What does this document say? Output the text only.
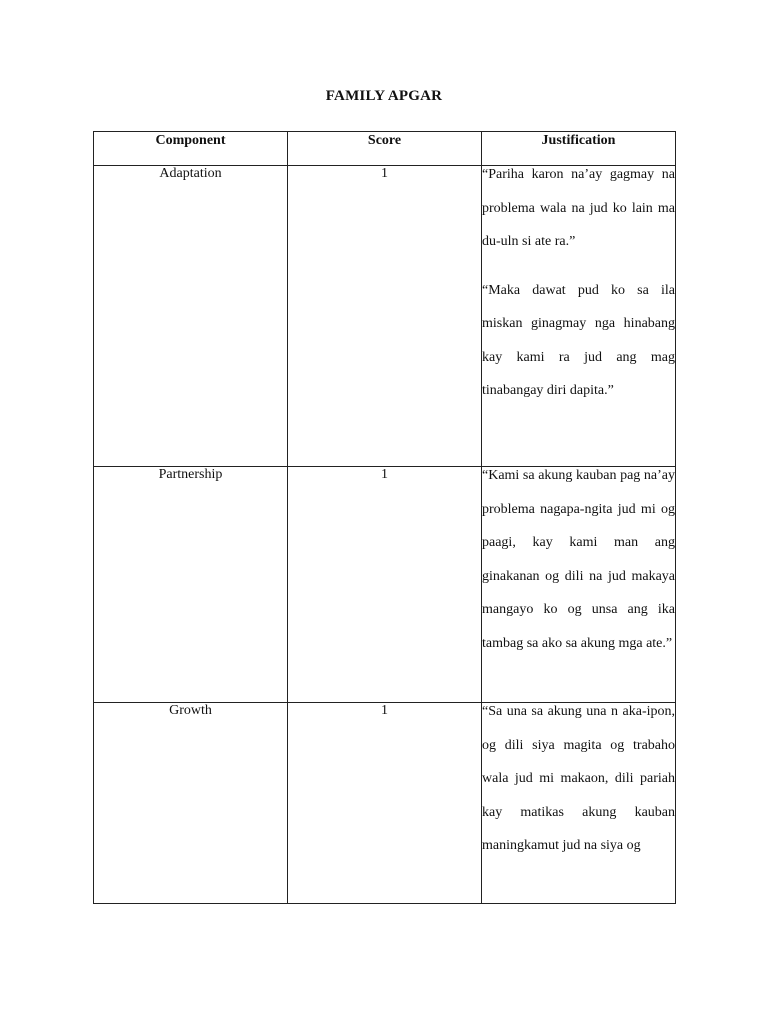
FAMILY APGAR
Component	Score	Justification
Adaptation	1	“Pariha karon na’ay gagmay na problema wala na jud ko lain ma du-uln si ate ra.”
“Maka dawat pud ko sa ila miskan ginagmay nga hinabang kay kami ra jud ang mag tinabangay diri dapita.”

Partnership	1	“Kami sa akung kauban pag na’ay problema nagapa-ngita jud mi og paagi, kay kami man ang ginakanan og dili na jud makaya mangayo ko og unsa ang ika tambag sa ako sa akung mga ate.”

Growth	1	“Sa una sa akung una n aka-ipon, og dili siya magita og trabaho wala jud mi makaon, dili pariah kay matikas akung kauban maningkamut jud na siya og
